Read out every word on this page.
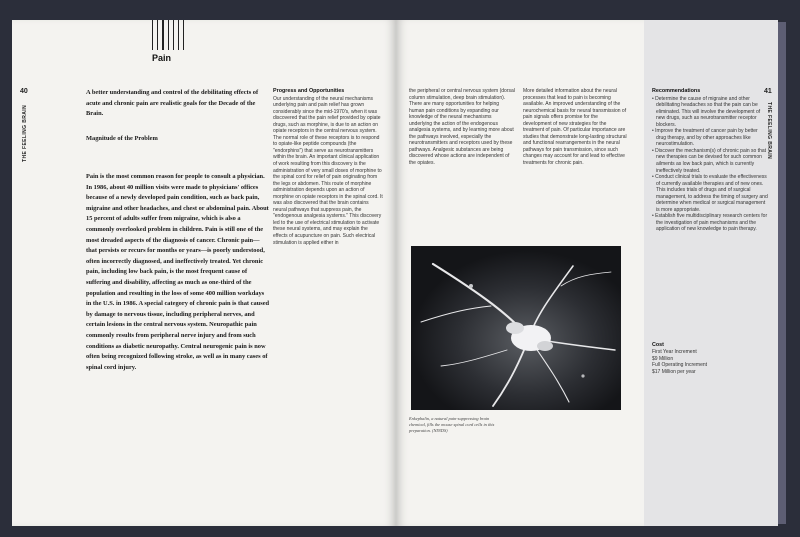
Pain
40
THE FEELING BRAIN
A better understanding and control of the debilitating effects of acute and chronic pain are realistic goals for the Decade of the Brain.
Magnitude of the Problem
Pain is the most common reason for people to consult a physician. In 1986, about 40 million visits were made to physicians' offices because of a newly developed pain condition, such as back pain, migraine and other headaches, and chest or abdominal pain. About 15 percent of adults suffer from migraine, which is also a commonly overlooked problem in children. Pain is still one of the most dreaded aspects of the diagnosis of cancer. Chronic pain—that persists or recurs for months or years—is poorly understood, often incorrectly diagnosed, and ineffectively treated. Yet chronic pain, including low back pain, is the most frequent cause of suffering and disability, affecting as much as one-third of the population and resulting in the loss of some 400 million workdays in the U.S. in 1986. A special category of chronic pain is that caused by damage to nervous tissue, including peripheral nerves, and certain lesions in the central nervous system. Neuropathic pain commonly results from peripheral nerve injury and from such conditions as diabetic neuropathy. Central neurogenic pain is now often being recognized following stroke, as well as in many cases of spinal cord injury.
Progress and Opportunities
Our understanding of the neural mechanisms underlying pain and pain relief has grown considerably since the mid-1970's, when it was discovered that the pain relief provided by opiate drugs, such as morphine, is due to an action on opiate receptors in the central nervous system. The normal role of these receptors is to respond to opiate-like peptide compounds (the "endorphins") that serve as neurotransmitters within the brain. An important clinical application of work resulting from this discovery is the administration of very small doses of morphine to the spinal cord for relief of pain originating from the legs or abdomen. This route of morphine administration depends upon an action of morphine on opiate receptors in the spinal cord. It was also discovered that the brain contains neural pathways that suppress pain, the "endogenous analgesia systems." This discovery led to the use of electrical stimulation to activate these neural systems, and may explain the effects of acupuncture on pain. Such electrical stimulation is applied either in
41
THE FEELING BRAIN
the peripheral or central nervous system (dorsal column stimulation, deep brain stimulation). There are many opportunities for helping human pain conditions by expanding our knowledge of the neural mechanisms underlying the action of the endogenous analgesia systems, and by learning more about the pathways involved, especially the neurotransmitters and receptors used by these pathways. Analgesic substances are being discovered whose actions are independent of the opiates.
More detailed information about the neural processes that lead to pain is becoming available. An improved understanding of the neurochemical basis for neural transmission of pain signals offers promise for the development of new strategies for the treatment of pain. Of particular importance are studies that demonstrate long-lasting structural and functional rearrangements in the neural pathways for pain transmission, since such changes may account for and lead to effective treatments for chronic pain.
Enkephalin, a natural pain-suppressing brain chemical, fills the mouse spinal cord cells in this preparation. (NINDS)
Recommendations
• Determine the cause of migraine and other debilitating headaches so that the pain can be eliminated. This will involve the development of new drugs, such as neurotransmitter receptor blockers.
• Improve the treatment of cancer pain by better drug therapy, and by other approaches like neurostimulation.
• Discover the mechanism(s) of chronic pain so that new therapies can be devised for such common ailments as low back pain, which is currently ineffectively treated.
• Conduct clinical trials to evaluate the effectiveness of currently available therapies and of new ones. This includes trials of drugs and of surgical management, to address the timing of surgery and determine when medical or surgical management is more appropriate.
• Establish five multidisciplinary research centers for the investigation of pain mechanisms and the application of new knowledge to pain therapy.
Cost
First Year Increment
$9 Million
Full Operating Increment
$17 Million per year
